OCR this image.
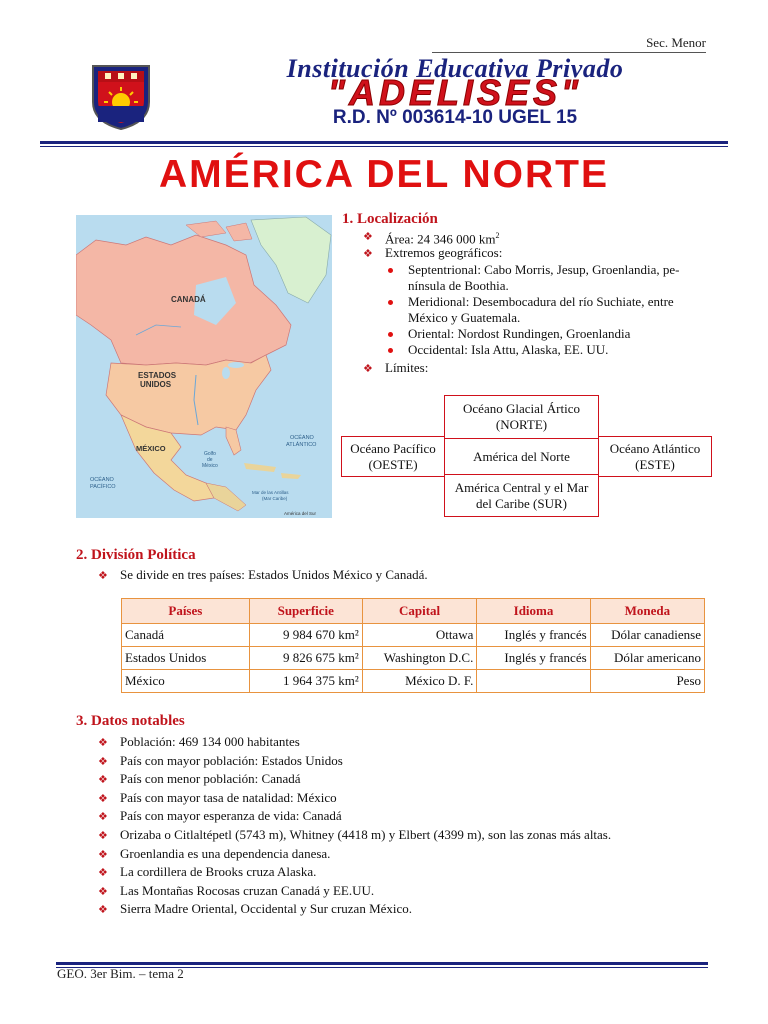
Sec. Menor
Institución Educativa Privado
"ADELISES"
R.D. Nº 003614-10 UGEL 15
AMÉRICA DEL NORTE
CANADÁ
ESTADOS
UNIDOS
MÉXICO
OCÉANO
ATLÁNTICO
OCÉANO
PACÍFICO
Golfo
de
México
Mar de las Antillas
(Mar Caribe)
América del Sur
1. Localización
❖ Área: 24 346 000 $km^2$
❖ Extremos geográficos:
Septentrional: Cabo Morris, Jesup, Groenlandia, pe-
nínsula de Boothia.
Meridional: Desembocadura del río Suchiate, entre
México y Guatemala.
Oriental: Nordost Rundingen, Groenlandia
Occidental: Isla Attu, Alaska, EE. UU.
❖ Límites:
Océano Glacial Ártico
(NORTE)
Océano Pacífico
(OESTE)
América del Norte
Océano Atlántico
(ESTE)
América Central y el Mar
del Caribe (SUR)
2. División Política
❖ Se divide en tres países: Estados Unidos México y Canadá.
Países	Superficie	Capital	Idioma	Moneda
Canadá	9 984 670 km²	Ottawa	Inglés y francés	Dólar canadiense
Estados Unidos	9 826 675 km²	Washington D.C.	Inglés y francés	Dólar americano
México	1 964 375 km²	México D. F.		Peso
3. Datos notables
❖ Población: 469 134 000 habitantes
❖ País con mayor población: Estados Unidos
❖ País con menor población: Canadá
❖ País con mayor tasa de natalidad: México
❖ País con mayor esperanza de vida: Canadá
❖ Orizaba o Citlaltépetl (5743 m), Whitney (4418 m) y Elbert (4399 m), son las zonas más altas.
❖ Groenlandia es una dependencia danesa.
❖ La cordillera de Brooks cruza Alaska.
❖ Las Montañas Rocosas cruzan Canadá y EE.UU.
❖ Sierra Madre Oriental, Occidental y Sur cruzan México.
GEO. 3er Bim. – tema 2
